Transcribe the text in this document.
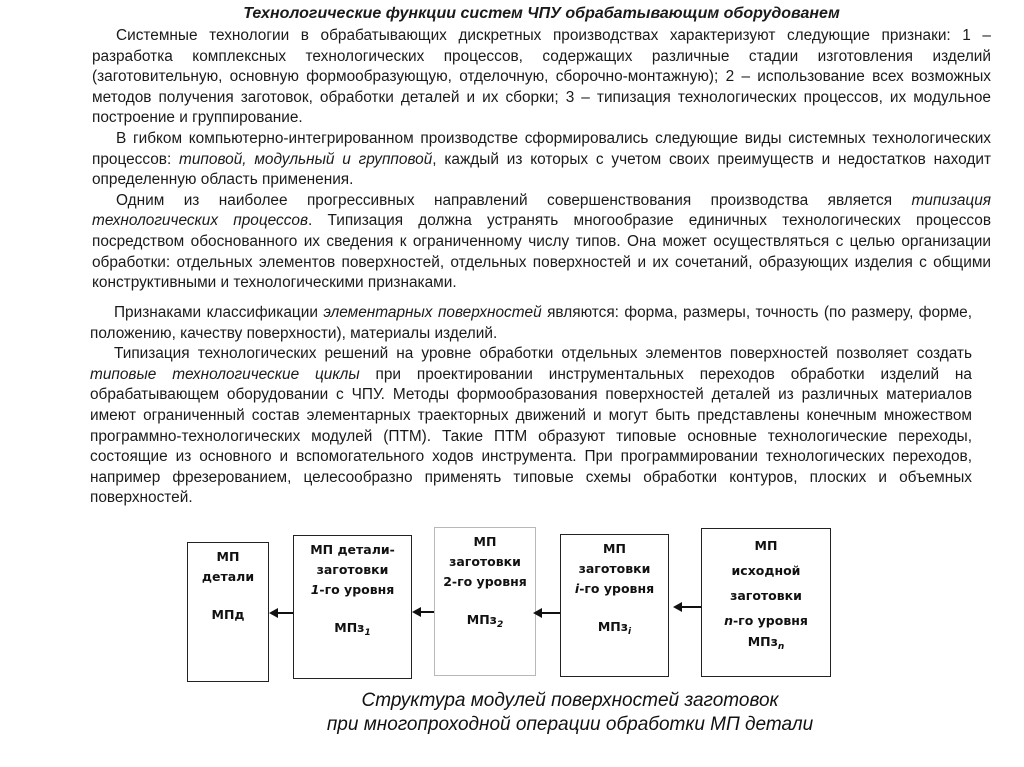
Технологические функции систем ЧПУ обрабатывающим оборудованем

Системные технологии в обрабатывающих дискретных производствах характеризуют следующие признаки: 1 – разработка комплексных технологических процессов, содержащих различные стадии изготовления изделий (заготовительную, основную формообразующую, отделочную, сборочно-монтажную); 2 – использование всех возможных методов получения заготовок, обработки деталей и их сборки; 3 – типизация технологических процессов, их модульное построение и группирование.

В гибком компьютерно-интегрированном производстве сформировались следующие виды системных технологических процессов: типовой, модульный и групповой, каждый из которых с учетом своих преимуществ и недостатков находит определенную область применения.

Одним из наиболее прогрессивных направлений совершенствования производства является типизация технологических процессов. Типизация должна устранять многообразие единичных технологических процессов посредством обоснованного их сведения к ограниченному числу типов. Она может осуществляться с целью организации обработки: отдельных элементов поверхностей, отдельных поверхностей и их сочетаний, образующих изделия с общими конструктивными и технологическими признаками.

Признаками классификации элементарных поверхностей являются: форма, размеры, точность (по размеру, форме, положению, качеству поверхности), материалы изделий.

Типизация технологических решений на уровне обработки отдельных элементов поверхностей позволяет создать типовые технологические циклы при проектировании инструментальных переходов обработки изделий на обрабатывающем оборудовании с ЧПУ. Методы формообразования поверхностей деталей из различных материалов имеют ограниченный состав элементарных траекторных движений и могут быть представлены конечным множеством программно-технологических модулей (ПТМ). Такие ПТМ образуют типовые основные технологические переходы, состоящие из основного и вспомогательного ходов инструмента. При программировании технологических переходов, например фрезерованием, целесообразно применять типовые схемы обработки контуров, плоских и объемных поверхностей.

МП
детали
МПд
МП детали-
заготовки
1-го уровня
МПз$_1$
МП
заготовки
2-го уровня
МПз$_2$
МП
заготовки
i-го уровня
МПз$_i$
МП
исходной
заготовки
n-го уровня
МПз$_n$
Структура модулей поверхностей заготовок
при многопроходной операции обработки МП детали
